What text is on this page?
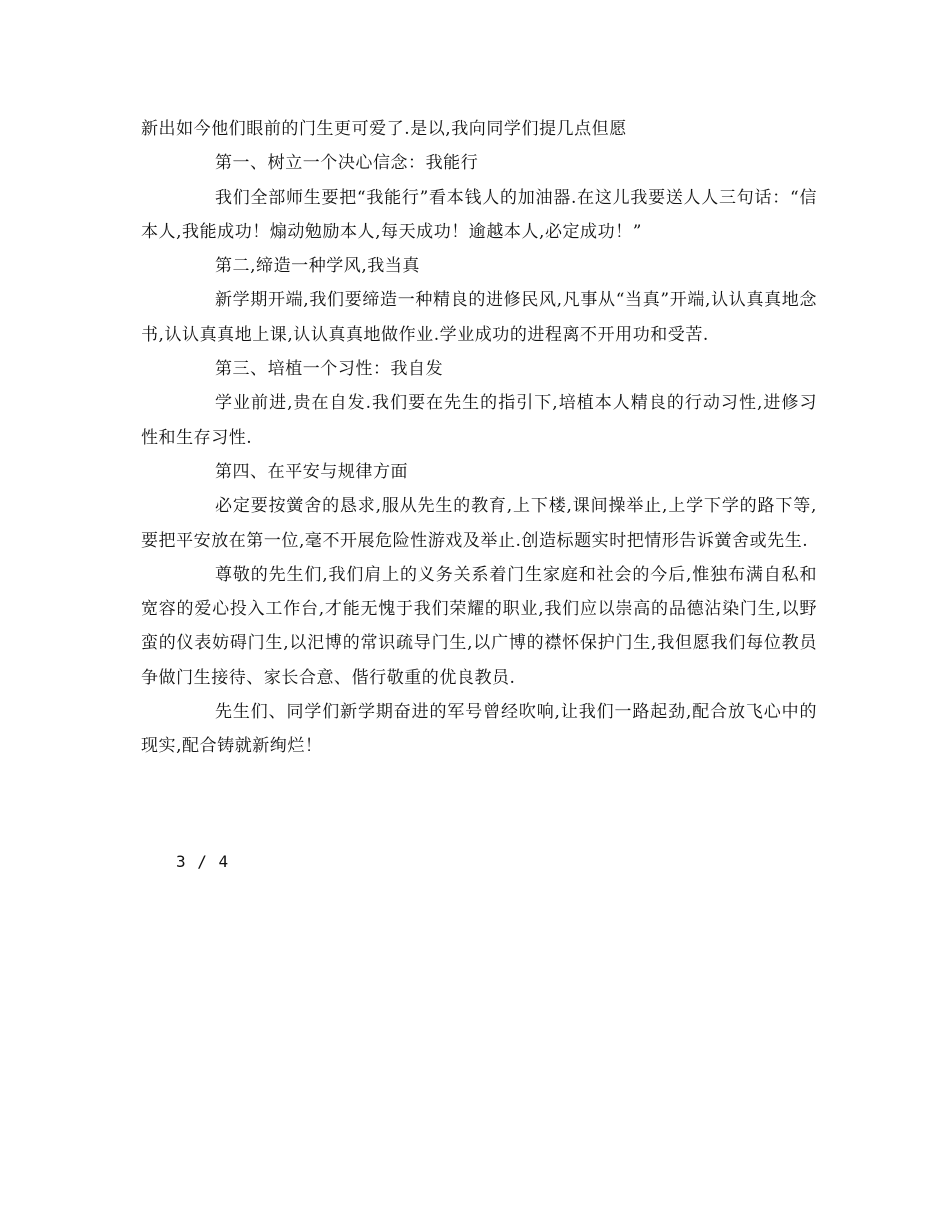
新出如今他们眼前的门生更可爱了.是以,我向同学们提几点但愿

第一、树立一个决心信念：我能行

我们全部师生要把“我能行”看本钱人的加油器.在这儿我要送人人三句话：“信本人,我能成功！煽动勉励本人,每天成功！逾越本人,必定成功！”

第二,缔造一种学风,我当真

新学期开端,我们要缔造一种精良的进修民风,凡事从“当真”开端,认认真真地念书,认认真真地上课,认认真真地做作业.学业成功的进程离不开用功和受苦.

第三、培植一个习性：我自发

学业前进,贵在自发.我们要在先生的指引下,培植本人精良的行动习性,进修习性和生存习性.

第四、在平安与规律方面

必定要按黉舍的恳求,服从先生的教育,上下楼,课间操举止,上学下学的路下等,要把平安放在第一位,毫不开展危险性游戏及举止.创造标题实时把情形告诉黉舍或先生.

尊敬的先生们,我们肩上的义务关系着门生家庭和社会的今后,惟独布满自私和宽容的爱心投入工作台,才能无愧于我们荣耀的职业,我们应以崇高的品德沾染门生,以野蛮的仪表妨碍门生,以汜博的常识疏导门生,以广博的襟怀保护门生,我但愿我们每位教员争做门生接待、家长合意、偕行敬重的优良教员.

先生们、同学们新学期奋进的军号曾经吹响,让我们一路起劲,配合放飞心中的现实,配合铸就新绚烂！

3 / 4
